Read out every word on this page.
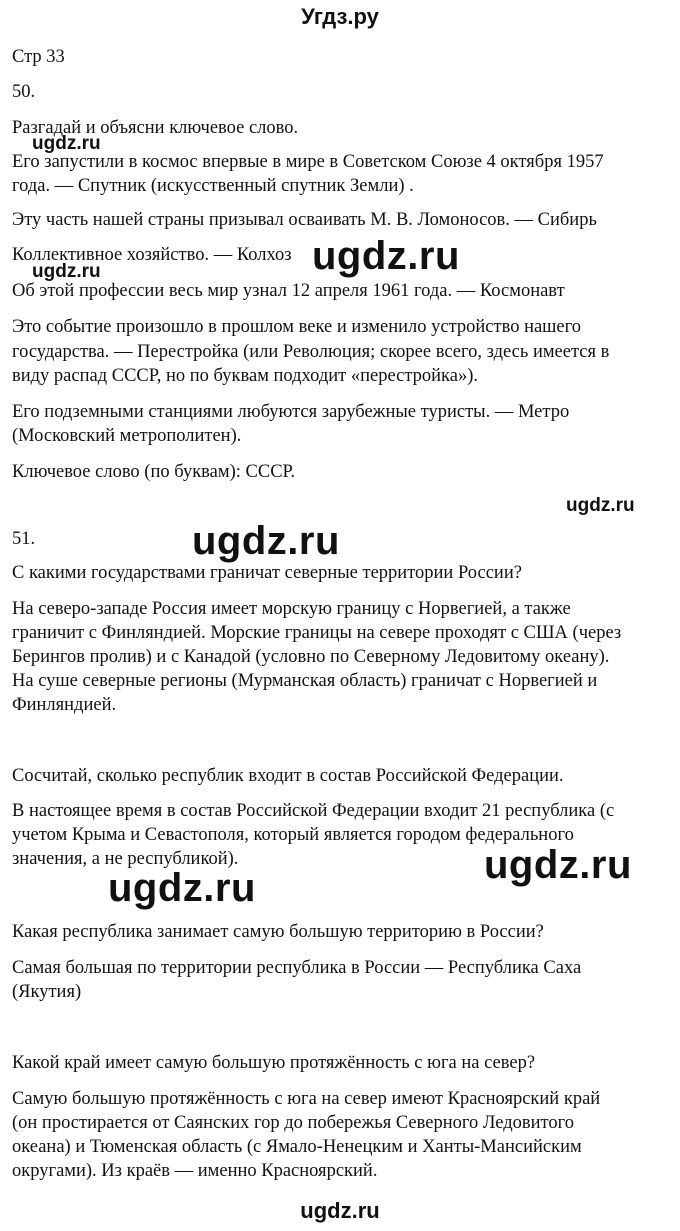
Угдз.ру
Стр 33
50.
Разгадай и объясни ключевое слово.
Его запустили в космос впервые в мире в Советском Союзе 4 октября 1957
года. — Спутник (искусственный спутник Земли) .
Эту часть нашей страны призывал осваивать М. В. Ломоносов. — Сибирь
Коллективное хозяйство. — Колхоз
Об этой профессии весь мир узнал 12 апреля 1961 года. — Космонавт
Это событие произошло в прошлом веке и изменило устройство нашего
государства. — Перестройка (или Революция; скорее всего, здесь имеется в
виду распад СССР, но по буквам подходит «перестройка»).
Его подземными станциями любуются зарубежные туристы. — Метро
(Московский метрополитен).
Ключевое слово (по буквам): СССР.
51.
С какими государствами граничат северные территории России?
На северо-западе Россия имеет морскую границу с Норвегией, а также
граничит с Финляндией. Морские границы на севере проходят с США (через
Берингов пролив) и с Канадой (условно по Северному Ледовитому океану).
На суше северные регионы (Мурманская область) граничат с Норвегией и
Финляндией.
Сосчитай, сколько республик входит в состав Российской Федерации.
В настоящее время в состав Российской Федерации входит 21 республика (с
учетом Крыма и Севастополя, который является городом федерального
значения, а не республикой).
Какая республика занимает самую большую территорию в России?
Самая большая по территории республика в России — Республика Саха
(Якутия)
Какой край имеет самую большую протяжённость с юга на север?
Самую большую протяжённость с юга на север имеют Красноярский край
(он простирается от Саянских гор до побережья Северного Ледовитого
океана) и Тюменская область (с Ямало-Ненецким и Ханты-Мансийским
округами). Из краёв — именно Красноярский.
ugdz.ru
ugdz.ru
ugdz.ru
ugdz.ru
ugdz.ru
ugdz.ru
ugdz.ru
ugdz.ru
